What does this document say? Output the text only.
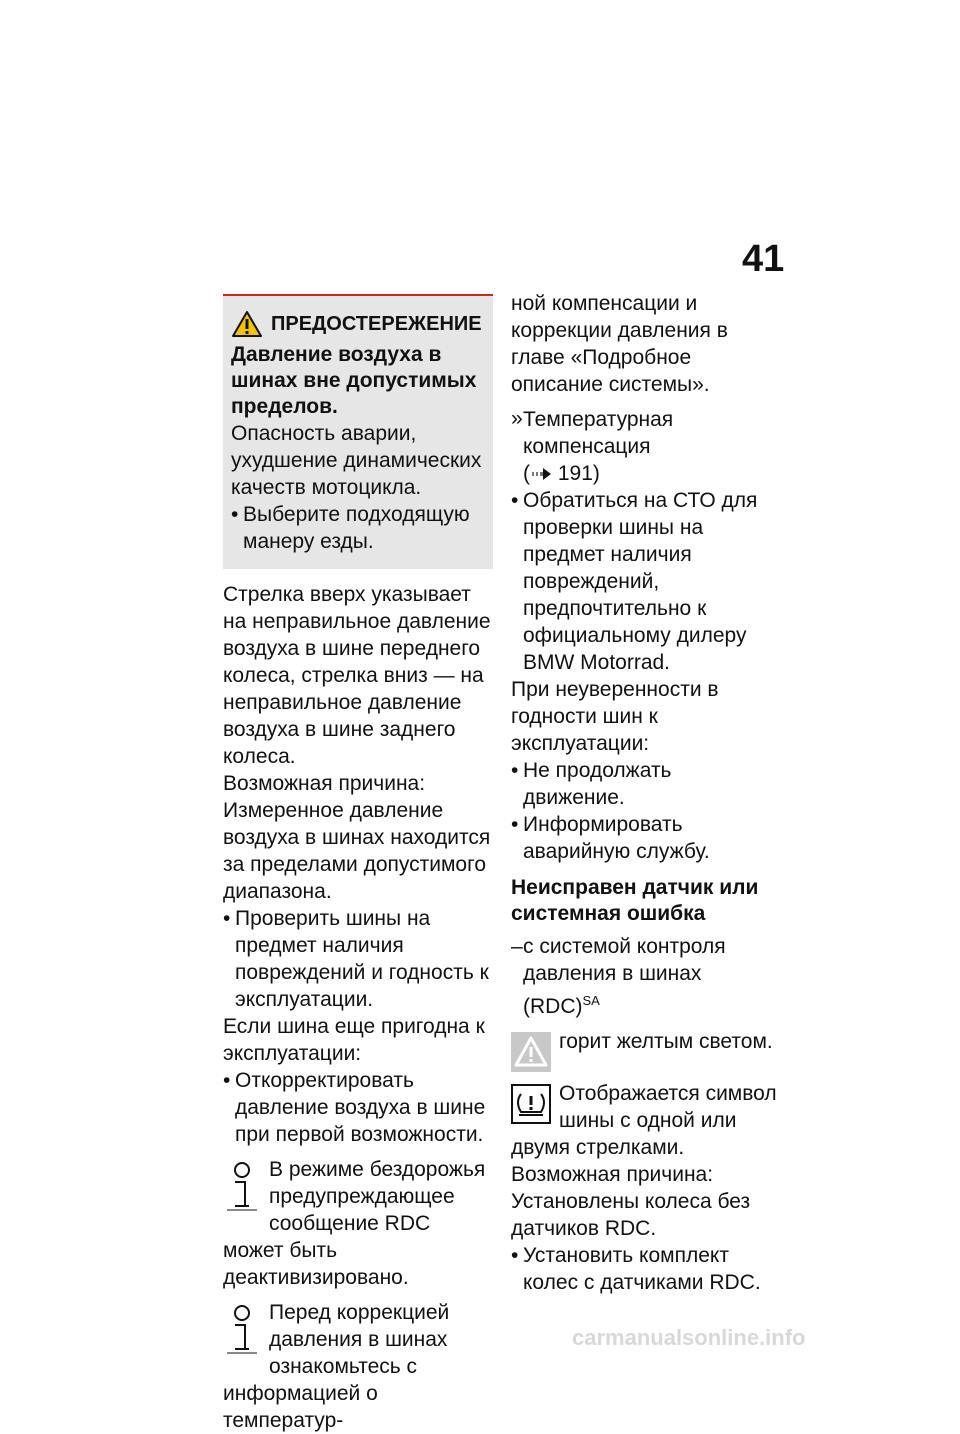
41
ПРЕДОСТЕРЕЖЕНИЕ

Давление воздуха в шинах вне допустимых пределов.

Опасность аварии, ухудшение динамических качеств мотоцикла.

• Выберите подходящую манеру езды.

Стрелка вверх указывает на неправильное давление воздуха в шине переднего колеса, стрелка вниз — на неправильное давление воздуха в шине заднего колеса.

Возможная причина:

Измеренное давление воздуха в шинах находится за пределами допустимого диапазона.

• Проверить шины на предмет наличия повреждений и годность к эксплуатации.

Если шина еще пригодна к эксплуатации:

• Откорректировать давление воздуха в шине при первой возможности.

В режиме бездорожья предупреждающее сообщение RDC может быть деактивизировано.

Перед коррекцией давления в шинах ознакомьтесь с информацией о температур-

ной компенсации и коррекции давления в главе «Подробное описание системы».

» Температурная компенсация
( 191)
• Обратиться на СТО для проверки шины на предмет наличия повреждений, предпочтительно к официальному дилеру BMW Motorrad.

При неуверенности в годности шин к эксплуатации:

• Не продолжать движение.
• Информировать аварийную службу.
Неисправен датчик или системная ошибка
– с системой контроля давления в шинах (RDC)$^{SA}$

горит желтым светом.

Отображается символ шины с одной или двумя стрелками.

Возможная причина:

Установлены колеса без датчиков RDC.

• Установить комплект колес с датчиками RDC.
carmanualsonline.info
